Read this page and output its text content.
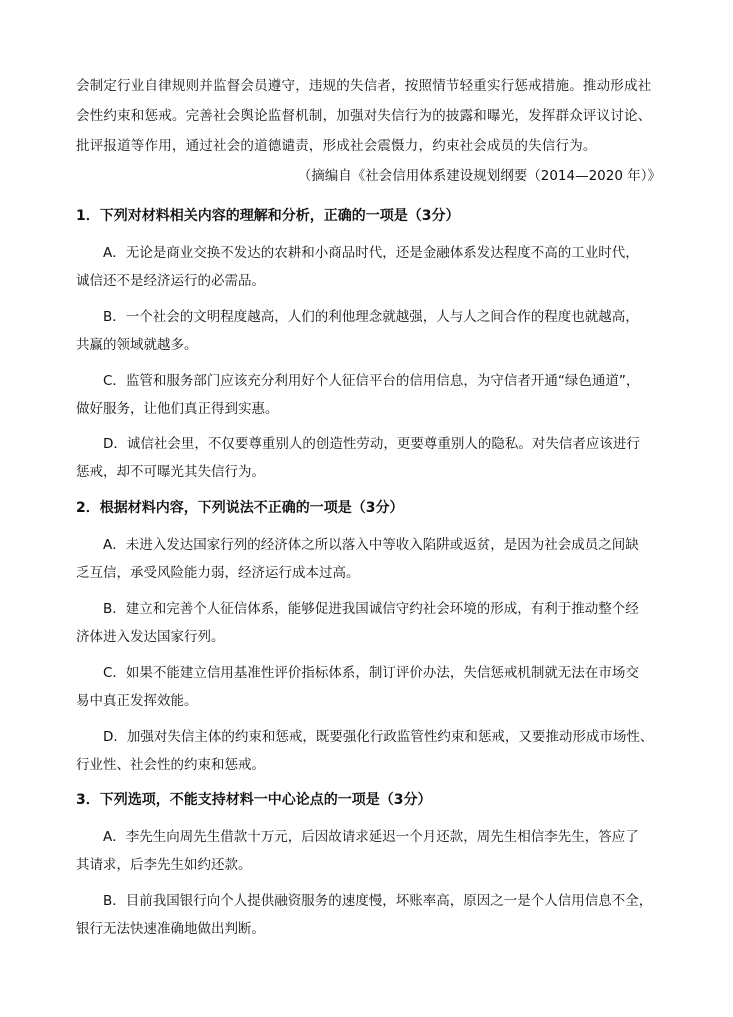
会制定行业自律规则并监督会员遵守，违规的失信者，按照情节轻重实行惩戒措施。推动形成社
会性约束和惩戒。完善社会舆论监督机制，加强对失信行为的披露和曝光，发挥群众评议讨论、
批评报道等作用，通过社会的道德谴责，形成社会震慑力，约束社会成员的失信行为。
（摘编自《社会信用体系建设规划纲要（2014—2020 年）》
1．下列对材料相关内容的理解和分析，正确的一项是（3分）
A．无论是商业交换不发达的农耕和小商品时代，还是金融体系发达程度不高的工业时代，
诚信还不是经济运行的必需品。
B．一个社会的文明程度越高，人们的利他理念就越强，人与人之间合作的程度也就越高，
共赢的领域就越多。
C．监管和服务部门应该充分利用好个人征信平台的信用信息，为守信者开通“绿色通道”，
做好服务，让他们真正得到实惠。
D．诚信社会里，不仅要尊重别人的创造性劳动，更要尊重别人的隐私。对失信者应该进行
惩戒，却不可曝光其失信行为。
2．根据材料内容，下列说法不正确的一项是（3分）
A．未进入发达国家行列的经济体之所以落入中等收入陷阱或返贫，是因为社会成员之间缺
乏互信，承受风险能力弱，经济运行成本过高。
B．建立和完善个人征信体系，能够促进我国诚信守约社会环境的形成，有利于推动整个经
济体进入发达国家行列。
C．如果不能建立信用基准性评价指标体系，制订评价办法，失信惩戒机制就无法在市场交
易中真正发挥效能。
D．加强对失信主体的约束和惩戒，既要强化行政监管性约束和惩戒，又要推动形成市场性、
行业性、社会性的约束和惩戒。
3．下列选项，不能支持材料一中心论点的一项是（3分）
A．李先生向周先生借款十万元，后因故请求延迟一个月还款，周先生相信李先生，答应了
其请求，后李先生如约还款。
B．目前我国银行向个人提供融资服务的速度慢，坏账率高，原因之一是个人信用信息不全，
银行无法快速准确地做出判断。
